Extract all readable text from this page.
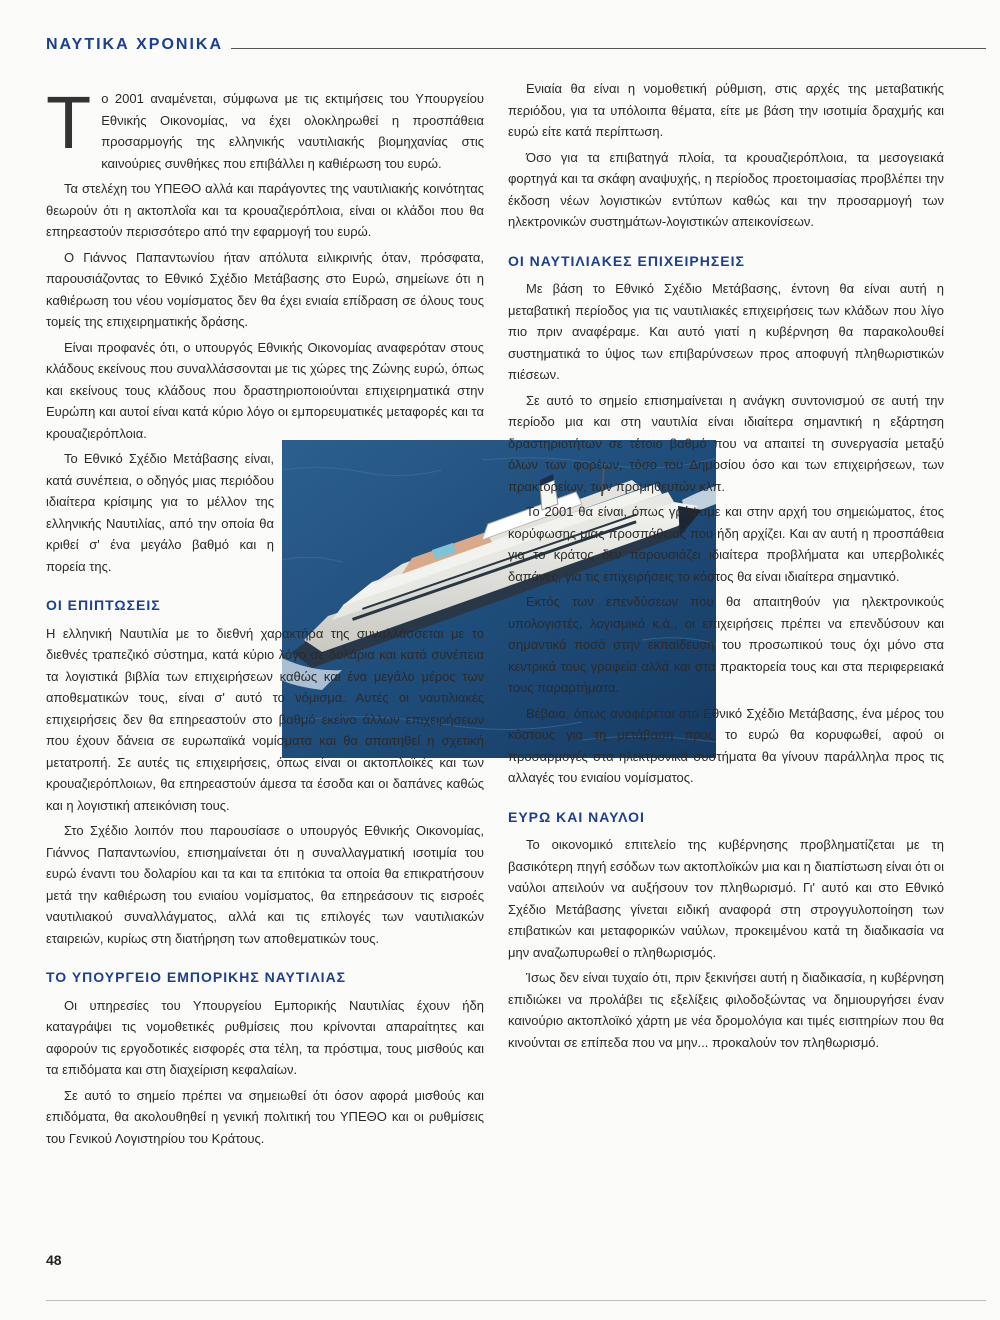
ΝΑΥΤΙΚΑ ΧΡΟΝΙΚΑ

Το 2001 αναμένεται, σύμφωνα με τις εκτιμήσεις του Υπουργείου Εθνικής Οικονομίας, να έχει ολοκληρωθεί η προσπάθεια προσαρμογής της ελληνικής ναυτιλιακής βιομηχανίας στις καινούριες συνθήκες που επιβάλλει η καθιέρωση του ευρώ.

Τα στελέχη του ΥΠΕΘΟ αλλά και παράγοντες της ναυτιλιακής κοινότητας θεωρούν ότι η ακτοπλοΐα και τα κρουαζιερόπλοια, είναι οι κλάδοι που θα επηρεαστούν περισσότερο από την εφαρμογή του ευρώ.

Ο Γιάννος Παπαντωνίου ήταν απόλυτα ειλικρινής όταν, πρόσφατα, παρουσιάζοντας το Εθνικό Σχέδιο Μετάβασης στο Ευρώ, σημείωνε ότι η καθιέρωση του νέου νομίσματος δεν θα έχει ενιαία επίδραση σε όλους τους τομείς της επιχειρηματικής δράσης.

Είναι προφανές ότι, ο υπουργός Εθνικής Οικονομίας αναφερόταν στους κλάδους εκείνους που συναλλάσσονται με τις χώρες της Ζώνης ευρώ, όπως και εκείνους τους κλάδους που δραστηριοποιούνται επιχειρηματικά στην Ευρώπη και αυτοί είναι κατά κύριο λόγο οι εμπορευματικές μεταφορές και τα κρουαζιερόπλοια.

Το Εθνικό Σχέδιο Μετάβασης είναι, κατά συνέπεια, ο οδηγός μιας περιόδου ιδιαίτερα κρίσιμης για το μέλλον της ελληνικής Ναυτιλίας, από την οποία θα κριθεί σ' ένα μεγάλο βαθμό και η πορεία της.

ΟΙ ΕΠΙΠΤΩΣΕΙΣ

Η ελληνική Ναυτιλία με το διεθνή χαρακτήρα της συναλλάσσεται με το διεθνές τραπεζικό σύστημα, κατά κύριο λόγο σε δολάρια και κατά συνέπεια τα λογιστικά βιβλία των επιχειρήσεων καθώς και ένα μεγάλο μέρος των αποθεματικών τους, είναι σ' αυτό το νόμισμα. Αυτές οι ναυτιλιακές επιχειρήσεις δεν θα επηρεαστούν στο βαθμό εκείνο άλλων επιχειρήσεων που έχουν δάνεια σε ευρωπαϊκά νομίσματα και θα απαιτηθεί η σχετική μετατροπή. Σε αυτές τις επιχειρήσεις, όπως είναι οι ακτοπλοϊκές και των κρουαζιερόπλοιων, θα επηρεαστούν άμεσα τα έσοδα και οι δαπάνες καθώς και η λογιστική απεικόνιση τους.

Στο Σχέδιο λοιπόν που παρουσίασε ο υπουργός Εθνικής Οικονομίας, Γιάννος Παπαντωνίου, επισημαίνεται ότι η συναλλαγματική ισοτιμία του ευρώ έναντι του δολαρίου και τα και τα επιτόκια τα οποία θα επικρατήσουν μετά την καθιέρωση του ενιαίου νομίσματος, θα επηρεάσουν τις εισροές ναυτιλιακού συναλλάγματος, αλλά και τις επιλογές των ναυτιλιακών εταιρειών, κυρίως στη διατήρηση των αποθεματικών τους.

ΤΟ ΥΠΟΥΡΓΕΙΟ ΕΜΠΟΡΙΚΗΣ ΝΑΥΤΙΛΙΑΣ

Οι υπηρεσίες του Υπουργείου Εμπορικής Ναυτιλίας έχουν ήδη καταγράψει τις νομοθετικές ρυθμίσεις που κρίνονται απαραίτητες και αφορούν τις εργοδοτικές εισφορές στα τέλη, τα πρόστιμα, τους μισθούς και τα επιδόματα και στη διαχείριση κεφαλαίων.

Σε αυτό το σημείο πρέπει να σημειωθεί ότι όσον αφορά μισθούς και επιδόματα, θα ακολουθηθεί η γενική πολιτική του ΥΠΕΘΟ και οι ρυθμίσεις του Γενικού Λογιστηρίου του Κράτους.

Ενιαία θα είναι η νομοθετική ρύθμιση, στις αρχές της μεταβατικής περιόδου, για τα υπόλοιπα θέματα, είτε με βάση την ισοτιμία δραχμής και ευρώ είτε κατά περίπτωση.

Όσο για τα επιβατηγά πλοία, τα κρουαζιερόπλοια, τα μεσογειακά φορτηγά και τα σκάφη αναψυχής, η περίοδος προετοιμασίας προβλέπει την έκδοση νέων λογιστικών εντύπων καθώς και την προσαρμογή των ηλεκτρονικών συστημάτων-λογιστικών απεικονίσεων.

ΟΙ ΝΑΥΤΙΛΙΑΚΕΣ ΕΠΙΧΕΙΡΗΣΕΙΣ

Με βάση το Εθνικό Σχέδιο Μετάβασης, έντονη θα είναι αυτή η μεταβατική περίοδος για τις ναυτιλιακές επιχειρήσεις των κλάδων που λίγο πιο πριν αναφέραμε. Και αυτό γιατί η κυβέρνηση θα παρακολουθεί συστηματικά το ύψος των επιβαρύνσεων προς αποφυγή πληθωριστικών πιέσεων.

Σε αυτό το σημείο επισημαίνεται η ανάγκη συντονισμού σε αυτή την περίοδο μια και στη ναυτιλία είναι ιδιαίτερα σημαντική η εξάρτηση δραστηριοτήτων σε τέτοιο βαθμό που να απαιτεί τη συνεργασία μεταξύ όλων των φορέων, τόσο του Δημοσίου όσο και των επιχειρήσεων, των πρακτορείων, των προμηθευτών κλπ.

Το 2001 θα είναι, όπως γράψαμε και στην αρχή του σημειώματος, έτος κορύφωσης μιας προσπάθειας που ήδη αρχίζει. Και αν αυτή η προσπάθεια για το κράτος δεν παρουσιάζει ιδιαίτερα προβλήματα και υπερβολικές δαπάνες, για τις επιχειρήσεις το κόστος θα είναι ιδιαίτερα σημαντικό.

Εκτός των επενδύσεων που θα απαιτηθούν για ηλεκτρονικούς υπολογιστές, λογισμικό κ.ά., οι επιχειρήσεις πρέπει να επενδύσουν και σημαντικά ποσά στην εκπαίδευση του προσωπικού τους όχι μόνο στα κεντρικά τους γραφεία αλλά και στα πρακτορεία τους και στα περιφερειακά τους παραρτήματα.

Βέβαια, όπως αναφέρεται στο Εθνικό Σχέδιο Μετάβασης, ένα μέρος του κόστους για τη μετάβαση προς το ευρώ θα κορυφωθεί, αφού οι προσαρμογές στα ηλεκτρονικά συστήματα θα γίνουν παράλληλα προς τις αλλαγές του ενιαίου νομίσματος.

ΕΥΡΩ ΚΑΙ ΝΑΥΛΟΙ

Το οικονομικό επιτελείο της κυβέρνησης προβληματίζεται με τη βασικότερη πηγή εσόδων των ακτοπλοϊκών μια και η διαπίστωση είναι ότι οι ναύλοι απειλούν να αυξήσουν τον πληθωρισμό. Γι' αυτό και στο Εθνικό Σχέδιο Μετάβασης γίνεται ειδική αναφορά στη στρογγυλοποίηση των επιβατικών και μεταφορικών ναύλων, προκειμένου κατά τη διαδικασία να μην αναζωπυρωθεί ο πληθωρισμός.

Ίσως δεν είναι τυχαίο ότι, πριν ξεκινήσει αυτή η διαδικασία, η κυβέρνηση επιδιώκει να προλάβει τις εξελίξεις φιλοδοξώντας να δημιουργήσει έναν καινούριο ακτοπλοϊκό χάρτη με νέα δρομολόγια και τιμές εισιτηρίων που θα κινούνται σε επίπεδα που να μην... προκαλούν τον πληθωρισμό.

48
